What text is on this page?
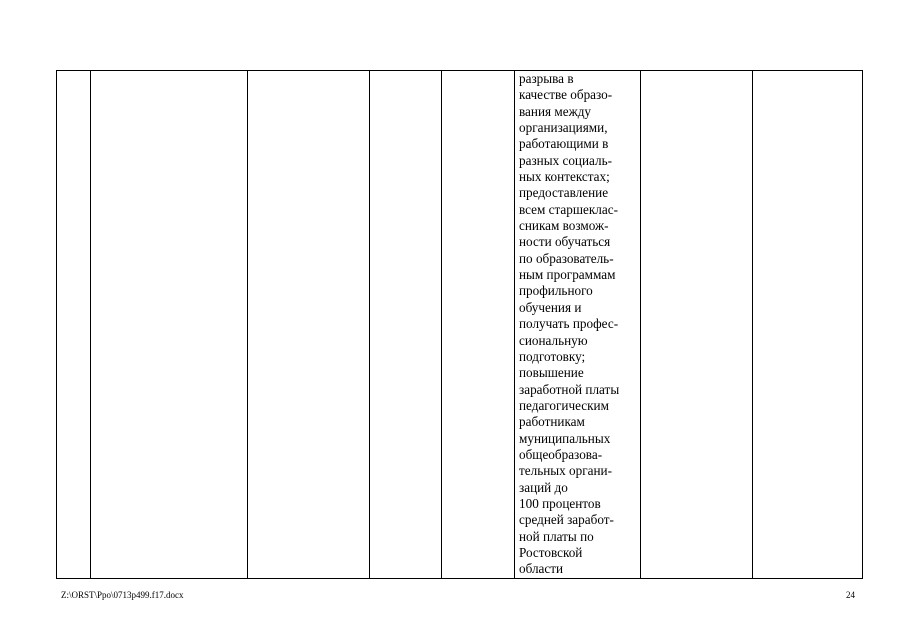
разрыва в
качестве образо-
вания между
организациями,
работающими в
разных социаль-
ных контекстах;
предоставление
всем старшеклас-
сникам возмож-
ности обучаться
по образователь-
ным программам
профильного
обучения и
получать профес-
сиональную
подготовку;
повышение
заработной платы
педагогическим
работникам
муниципальных
общеобразова-
тельных органи-
заций до
100 процентов
средней заработ-
ной платы по
Ростовской
области

Z:\ORST\Ppo\0713p499.f17.docx	24
